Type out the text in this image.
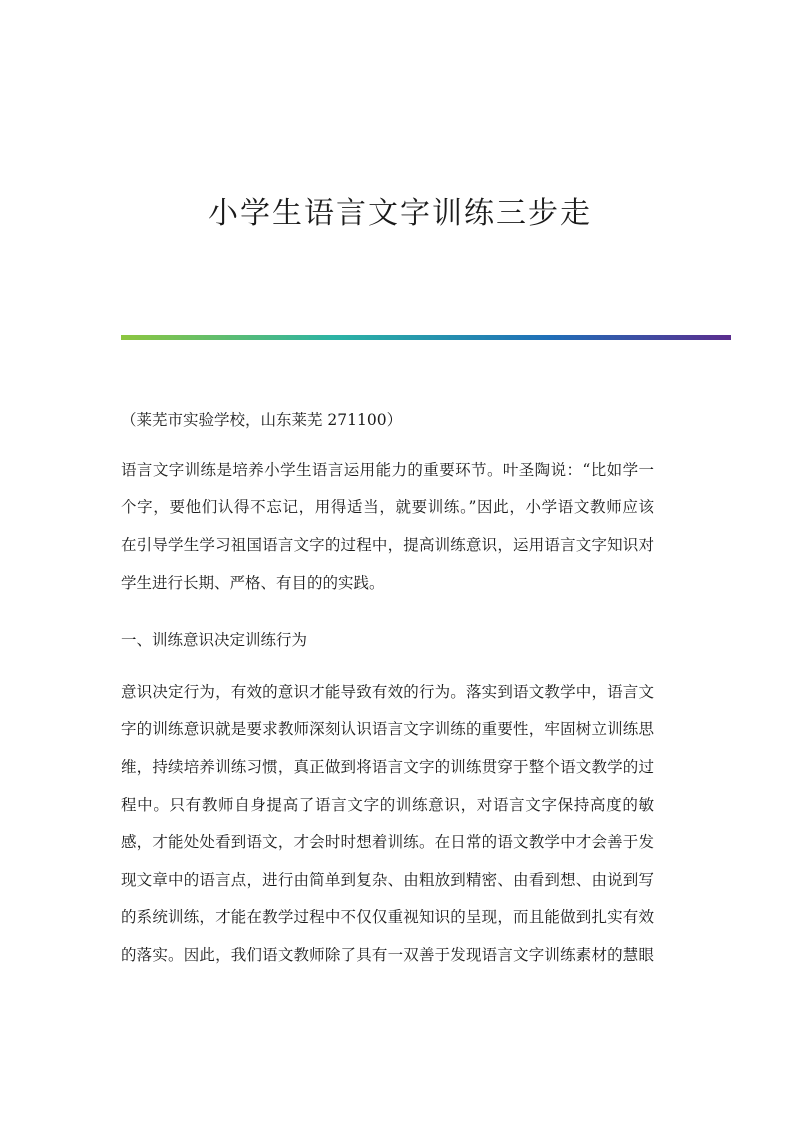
小学生语言文字训练三步走

（莱芜市实验学校，山东莱芜 271100）

语言文字训练是培养小学生语言运用能力的重要环节。叶圣陶说：“比如学一

个字，要他们认得不忘记，用得适当，就要训练。”因此，小学语文教师应该

在引导学生学习祖国语言文字的过程中，提高训练意识，运用语言文字知识对

学生进行长期、严格、有目的的实践。

一、训练意识决定训练行为

意识决定行为，有效的意识才能导致有效的行为。落实到语文教学中，语言文

字的训练意识就是要求教师深刻认识语言文字训练的重要性，牢固树立训练思

维，持续培养训练习惯，真正做到将语言文字的训练贯穿于整个语文教学的过

程中。只有教师自身提高了语言文字的训练意识，对语言文字保持高度的敏

感，才能处处看到语文，才会时时想着训练。在日常的语文教学中才会善于发

现文章中的语言点，进行由简单到复杂、由粗放到精密、由看到想、由说到写

的系统训练，才能在教学过程中不仅仅重视知识的呈现，而且能做到扎实有效

的落实。因此，我们语文教师除了具有一双善于发现语言文字训练素材的慧眼
